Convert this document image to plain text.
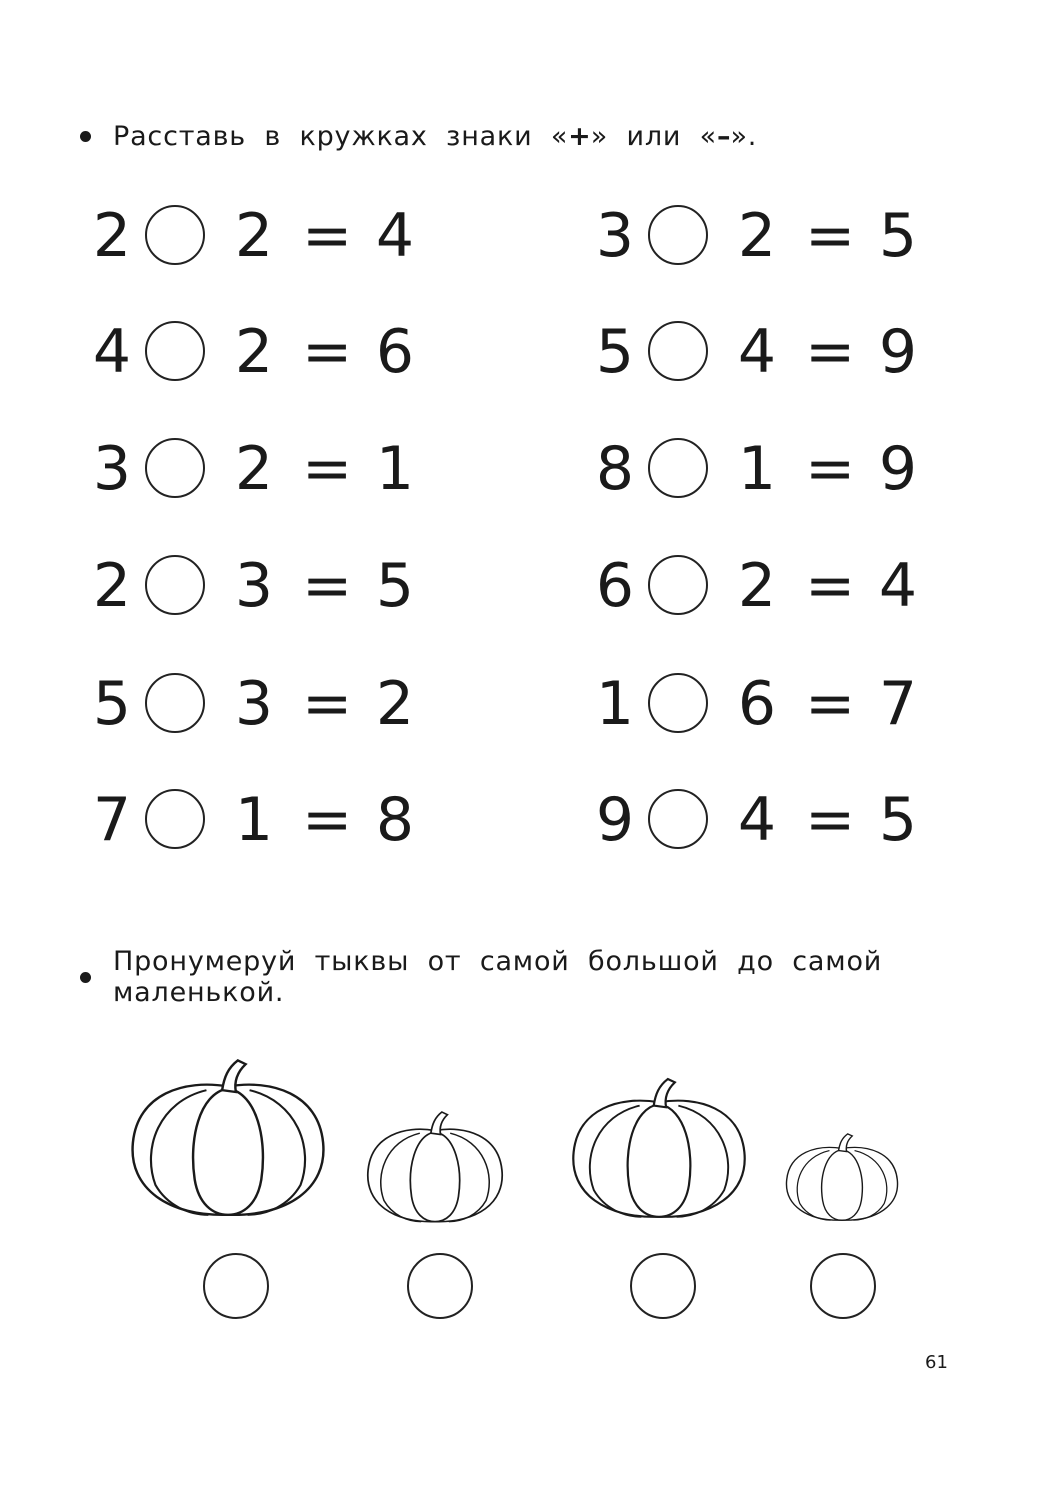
Расставь в кружках знаки « + » или « – ».
2 2 = 4
4 2 = 6
3 2 = 1
2 3 = 5
5 3 = 2
7 1 = 8
3 2 = 5
5 4 = 9
8 1 = 9
6 2 = 4
1 6 = 7
9 4 = 5
Пронумеруй тыквы от самой большой до самой маленькой.
61
